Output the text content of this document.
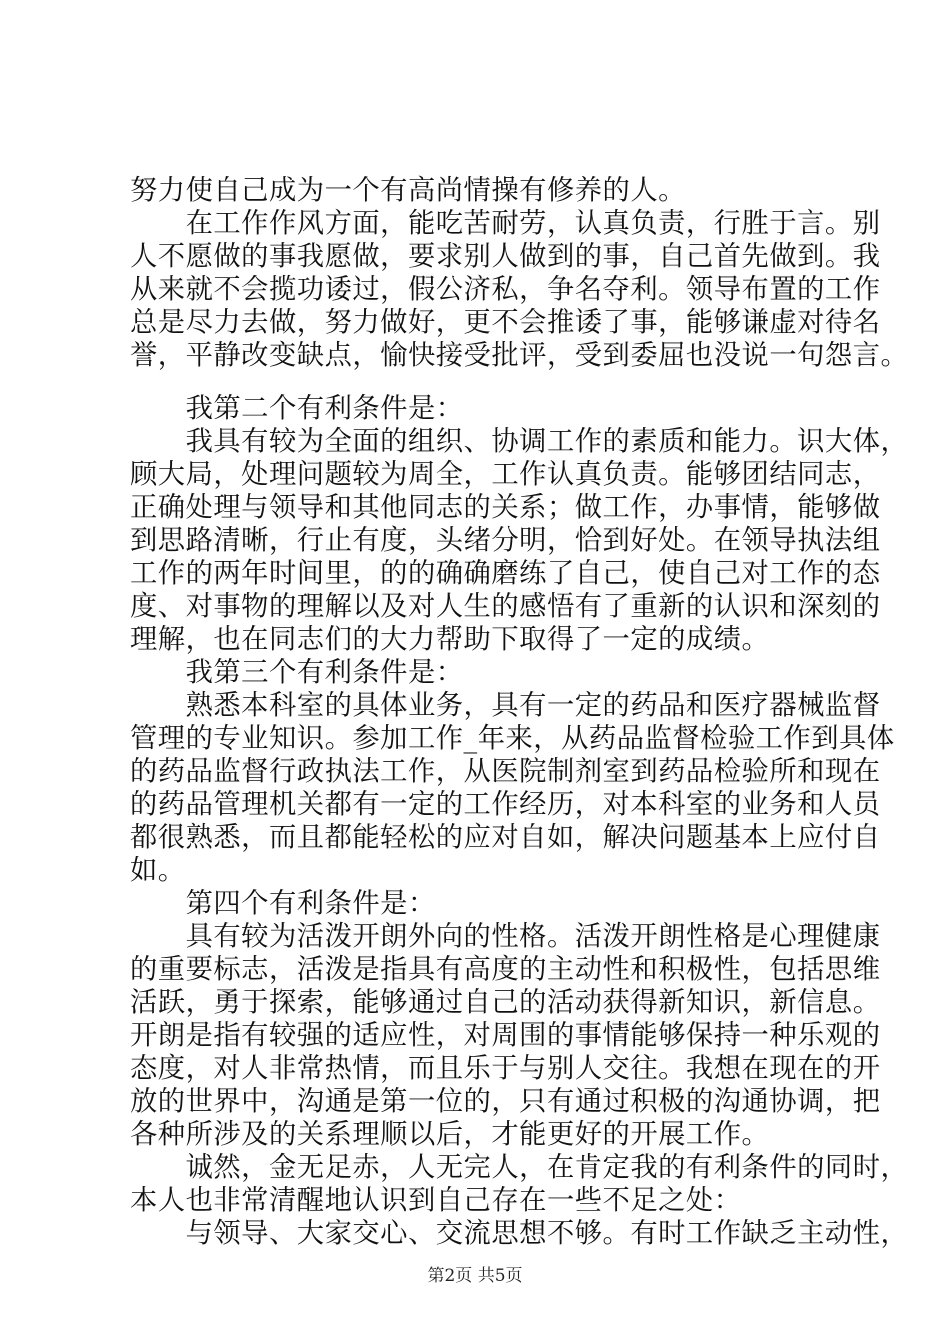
努力使自己成为一个有高尚情操有修养的人。
　　在工作作风方面，能吃苦耐劳，认真负责，行胜于言。别
人不愿做的事我愿做，要求别人做到的事，自己首先做到。我
从来就不会揽功诿过，假公济私，争名夺利。领导布置的工作
总是尽力去做，努力做好，更不会推诿了事，能够谦虚对待名
誉，平静改变缺点，愉快接受批评，受到委屈也没说一句怨言。
　　我第二个有利条件是：
　　我具有较为全面的组织、协调工作的素质和能力。识大体，
顾大局，处理问题较为周全，工作认真负责。能够团结同志，
正确处理与领导和其他同志的关系；做工作，办事情，能够做
到思路清晰，行止有度，头绪分明，恰到好处。在领导执法组
工作的两年时间里，的的确确磨练了自己，使自己对工作的态
度、对事物的理解以及对人生的感悟有了重新的认识和深刻的
理解，也在同志们的大力帮助下取得了一定的成绩。
　　我第三个有利条件是：
　　熟悉本科室的具体业务，具有一定的药品和医疗器械监督
管理的专业知识。参加工作_年来，从药品监督检验工作到具体
的药品监督行政执法工作，从医院制剂室到药品检验所和现在
的药品管理机关都有一定的工作经历，对本科室的业务和人员
都很熟悉，而且都能轻松的应对自如，解决问题基本上应付自
如。
　　第四个有利条件是：
　　具有较为活泼开朗外向的性格。活泼开朗性格是心理健康
的重要标志，活泼是指具有高度的主动性和积极性，包括思维
活跃，勇于探索，能够通过自己的活动获得新知识，新信息。
开朗是指有较强的适应性，对周围的事情能够保持一种乐观的
态度，对人非常热情，而且乐于与别人交往。我想在现在的开
放的世界中，沟通是第一位的，只有通过积极的沟通协调，把
各种所涉及的关系理顺以后，才能更好的开展工作。
　　诚然，金无足赤，人无完人，在肯定我的有利条件的同时，
本人也非常清醒地认识到自己存在一些不足之处：
　　与领导、大家交心、交流思想不够。有时工作缺乏主动性，
第2页 共5页
